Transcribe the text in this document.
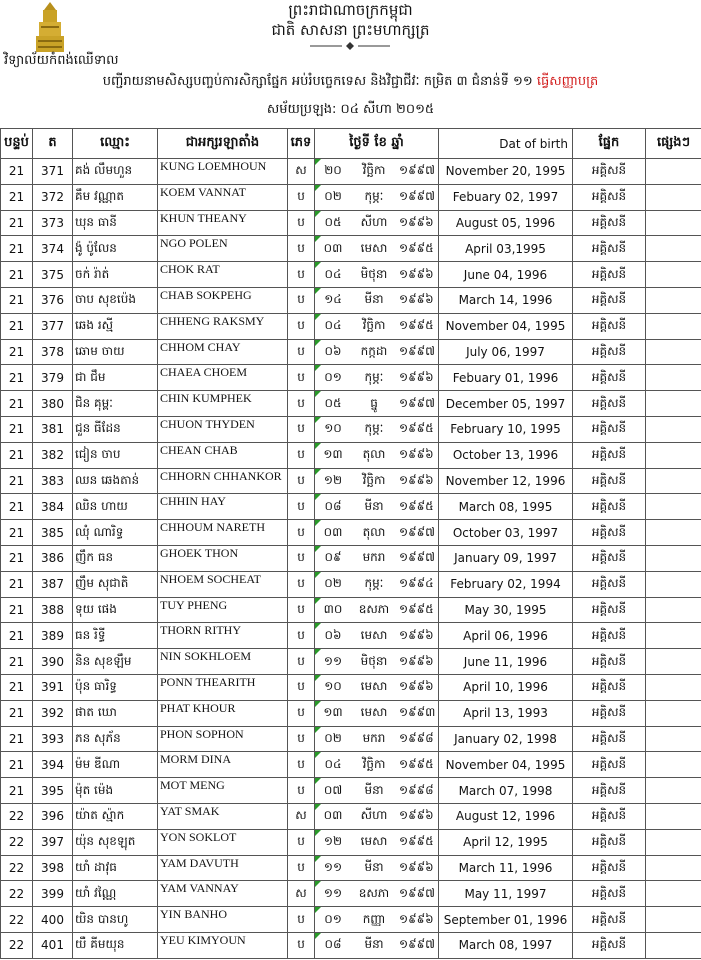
ព្រះរាជាណាចក្រកម្ពុជា
ជាតិ សាសនា ព្រះមហាក្សត្រ
វិទ្យាល័យកំពង់ឈើទាល
បញ្ជីរាយនាមសិស្សបញ្ចប់ការសិក្សាផ្នែក អប់រំបច្ចេកទេស និងវិជ្ជាជីវៈ កម្រិត ៣ ជំនាន់ទី ១១ ធ្វើសញ្ញាបត្រ
សម័យប្រឡង: ០៤ សីហា ២០១៥
បន្ទប់	ត	ឈ្មោះ	ជាអក្សរឡាតាំង	ភេទ	ថ្ងៃទី ខែ ឆ្នាំ	Dat of birth	ផ្នែក	ផ្សេងៗ
21	371	គង់ លឹមហួន	KUNG LOEMHOUN	ស	២០ វិច្ឆិកា ១៩៩៧	November 20, 1995	អគ្គិសនី	
21	372	គឹម វណ្ណាត	KOEM VANNAT	ប	០២ កុម្ភៈ ១៩៩៧	Febuary 02, 1997	អគ្គិសនី	
21	373	ឃុន ធានី	KHUN THEANY	ប	០៥ សីហា ១៩៩៦	August 05, 1996	អគ្គិសនី	
21	374	ង៉ូ ប៉ូលែន	NGO POLEN	ប	០៣ មេសា ១៩៩៥	April 03,1995	អគ្គិសនី	
21	375	ចក់ រ៉ាត់	CHOK RAT	ប	០៤ មិថុនា ១៩៩៦	June 04, 1996	អគ្គិសនី	
21	376	ចាប សុខប៉េង	CHAB SOKPEHG	ប	១៤ មីនា ១៩៩៦	March 14, 1996	អគ្គិសនី	
21	377	ឆេង រស្មី	CHHENG RAKSMY	ប	០៤ វិច្ឆិកា ១៩៩៥	November 04, 1995	អគ្គិសនី	
21	378	ឆោម ចាយ	CHHOM CHAY	ប	០៦ កក្កដា ១៩៩៧	July 06, 1997	អគ្គិសនី	
21	379	ជា ជឹម	CHAEA CHOEM	ប	០១ កុម្ភៈ ១៩៩៦	Febuary 01, 1996	អគ្គិសនី	
21	380	ជិន គុម្ពៈ	CHIN KUMPHEK	ប	០៥ ធ្នូ ១៩៩៧	December 05, 1997	អគ្គិសនី	
21	381	ជួន ធីដែន	CHUON THYDEN	ប	១០ កុម្ភៈ ១៩៩៥	February 10, 1995	អគ្គិសនី	
21	382	ជៀន ចាប	CHEAN CHAB	ប	១៣ តុលា ១៩៩៦	October 13, 1996	អគ្គិសនី	
21	383	ឈន ឆេងតាន់	CHHORN CHHANKOR	ប	១២ វិច្ឆិកា ១៩៩៦	November 12, 1996	អគ្គិសនី	
21	384	ឈិន ហាយ	CHHIN HAY	ប	០៨ មីនា ១៩៩៥	March 08, 1995	អគ្គិសនី	
21	385	ឈុំ ណារិទ្ធ	CHHOUM NARETH	ប	០៣ តុលា ១៩៩៧	October 03, 1997	អគ្គិសនី	
21	386	ញឹក ធន	GHOEK THON	ប	០៩ មករា ១៩៩៧	January 09, 1997	អគ្គិសនី	
21	387	ញឹម សុជាតិ	NHOEM SOCHEAT	ប	០២ កុម្ភៈ ១៩៩៤	February 02, 1994	អគ្គិសនី	
21	388	ទុយ ផេង	TUY PHENG	ប	៣០ ឧសភា ១៩៩៥	May 30, 1995	អគ្គិសនី	
21	389	ធន រិទ្ធី	THORN RITHY	ប	០៦ មេសា ១៩៩៦	April 06, 1996	អគ្គិសនី	
21	390	និន សុខឡឹម	NIN SOKHLOEM	ប	១១ មិថុនា ១៩៩៦	June 11, 1996	អគ្គិសនី	
21	391	ប៉ុន ធារិទ្ធ	PONN THEARITH	ប	១០ មេសា ១៩៩៦	April 10, 1996	អគ្គិសនី	
21	392	ផាត ឃោ	PHAT KHOUR	ប	១៣ មេសា ១៩៩៣	April 13, 1993	អគ្គិសនី	
21	393	ភន សុភ័ន	PHON SOPHON	ប	០២ មករា ១៩៩៨	January 02, 1998	អគ្គិសនី	
21	394	ម៉ម ឌីណា	MORM DINA	ប	០៤ វិច្ឆិកា ១៩៩៥	November 04, 1995	អគ្គិសនី	
21	395	ម៉ុត ម៉េង	MOT MENG	ប	០៧ មីនា ១៩៩៨	March 07, 1998	អគ្គិសនី	
22	396	យ៉ាត ស្ម៉ាក	YAT SMAK	ស	០៣ សីហា ១៩៩៦	August 12, 1996	អគ្គិសនី	
22	397	យ៉ុន សុខឡុត	YON SOKLOT	ប	១២ មេសា ១៩៩៥	April 12, 1995	អគ្គិសនី	
22	398	យាំ ដាវុធ	YAM DAVUTH	ប	១១ មីនា ១៩៩៦	March 11, 1996	អគ្គិសនី	
22	399	យាំ វណ្ណៃ	YAM VANNAY	ស	១១ ឧសភា ១៩៩៧	May 11, 1997	អគ្គិសនី	
22	400	យិន បាន‌ហូ	YIN BANHO	ប	០១ កញ្ញា ១៩៩៦	September 01, 1996	អគ្គិសនី	
22	401	យឺ គីមយុន	YEU KIMYOUN	ប	០៨ មីនា ១៩៩៧	March 08, 1997	អគ្គិសនី	
